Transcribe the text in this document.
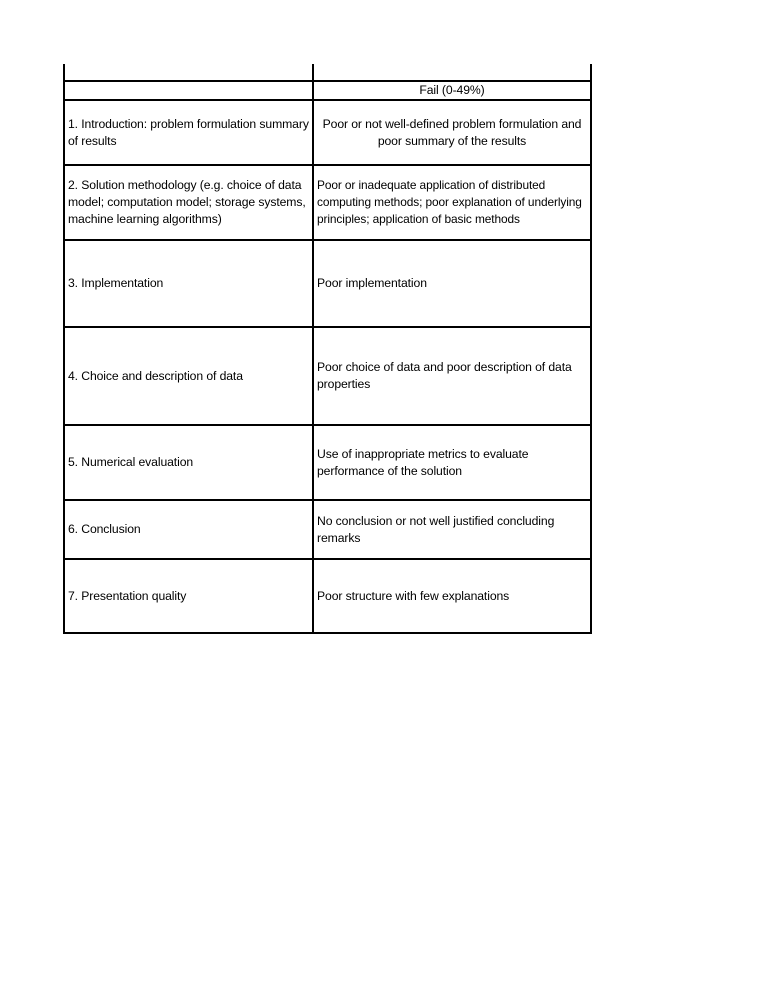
Fail (0-49%)
1. Introduction: problem formulation summary of results
Poor or not well-defined problem formulation and poor summary of the results
2. Solution methodology (e.g. choice of data model; computation model; storage systems, machine learning algorithms)
Poor or inadequate application of distributed computing methods; poor explanation of underlying principles; application of basic methods
3. Implementation	Poor implementation
4. Choice and description of data
Poor choice of data and poor description of data properties
5. Numerical evaluation
Use of inappropriate metrics to evaluate performance of the solution
6. Conclusion
No conclusion or not well justified concluding remarks
7. Presentation quality	Poor structure with few explanations
